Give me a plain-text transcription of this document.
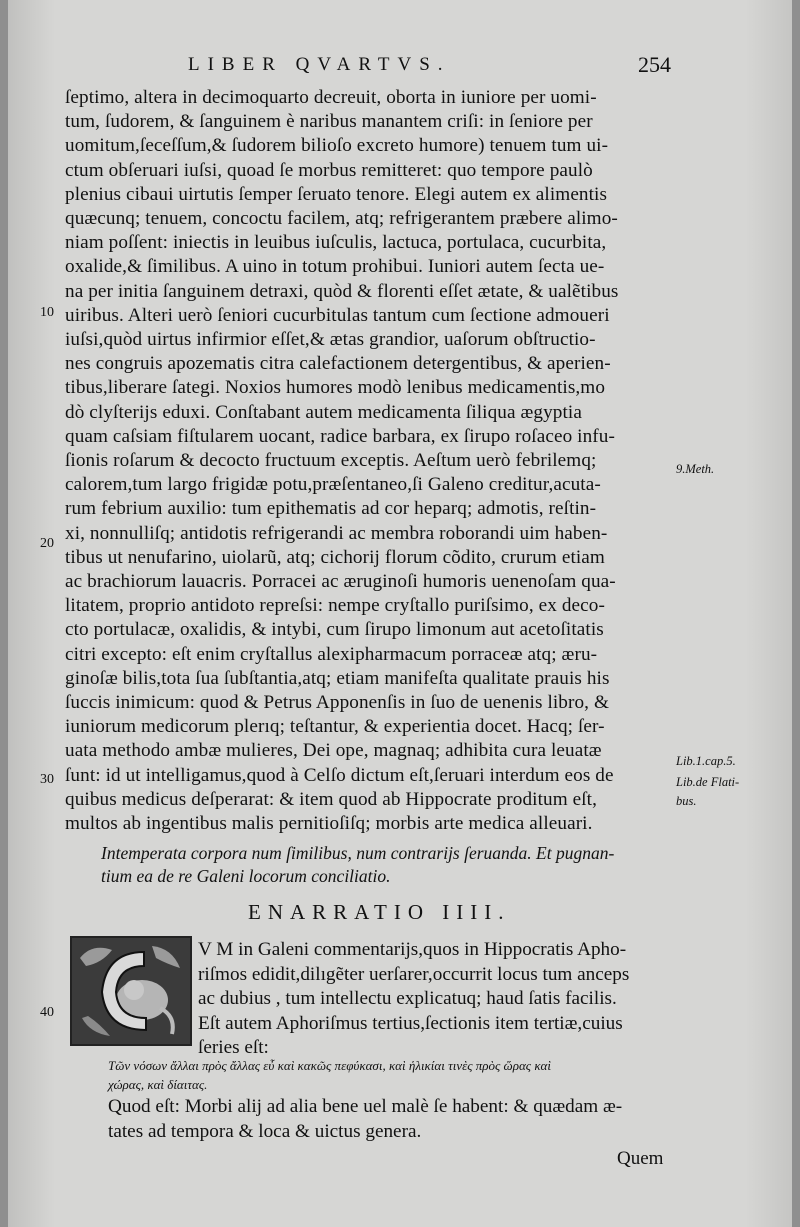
LIBER QVARTVS.	254
ſeptimo, altera in decimoquarto decreuit, oborta in iuniore per uomi-
tum, ſudorem, & ſanguinem è naribus manantem criſi: in ſeniore per
uomitum,ſeceſſum,& ſudorem bilioſo excreto humore) tenuem tum ui-
ctum obſeruari iuſsi, quoad ſe morbus remitteret: quo tempore paulò
plenius cibaui uirtutis ſemper ſeruato tenore. Elegi autem ex alimentis
quæcunq; tenuem, concoctu facilem, atq; refrigerantem præbere alimo-
niam poſſent: iniectis in leuibus iuſculis, lactuca, portulaca, cucurbita,
oxalide,& ſimilibus. A uino in totum prohibui. Iuniori autem ſecta ue-
na per initia ſanguinem detraxi, quòd & florenti eſſet ætate, & ualẽtibus
uiribus. Alteri uerò ſeniori cucurbitulas tantum cum ſectione admoueri
iuſsi,quòd uirtus infirmior eſſet,& ætas grandior, uaſorum obſtructio-
nes congruis apozematis citra calefactionem detergentibus, & aperien-
tibus,liberare ſategi. Noxios humores modò lenibus medicamentis,mo
dò clyſterijs eduxi. Conſtabant autem medicamenta ſiliqua ægyptia
quam caſsiam fiſtularem uocant, radice barbara, ex ſirupo roſaceo infu-
ſionis roſarum & decocto fructuum exceptis. Aeſtum uerò febrilemq;
calorem,tum largo frigidæ potu,præſentaneo,ſi Galeno creditur,acuta-
rum febrium auxilio: tum epithematis ad cor heparq; admotis, reſtin-
xi, nonnulliſq; antidotis refrigerandi ac membra roborandi uim haben-
tibus ut nenufarino, uiolarũ, atq; cichorij florum cõdito, crurum etiam
ac brachiorum lauacris. Porracei ac æruginoſi humoris uenenoſam qua-
litatem, proprio antidoto repreſsi: nempe cryſtallo puriſsimo, ex deco-
cto portulacæ, oxalidis, & intybi, cum ſirupo limonum aut acetoſitatis
citri excepto: eſt enim cryſtallus alexipharmacum porraceæ atq; æru-
ginoſæ bilis,tota ſua ſubſtantia,atq; etiam manifeſta qualitate prauis his
ſuccis inimicum: quod & Petrus Apponenſis in ſuo de uenenis libro, &
iuniorum medicorum plerıq; teſtantur, & experientia docet. Hacq; ſer-
uata methodo ambæ mulieres, Dei ope, magnaq; adhibita cura leuatæ
ſunt: id ut intelligamus,quod à Celſo dictum eſt,ſeruari interdum eos de
quibus medicus deſperarat: & item quod ab Hippocrate proditum eſt,
multos ab ingentibus malis pernitioſiſq; morbis arte medica alleuari.
10
20
30
40
9.Meth.
Lib.1.cap.5.
Lib.de Flati-
bus.
Intemperata corpora num ſimilibus, num contrarijs ſeruanda. Et pugnan-
tium ea de re Galeni locorum conciliatio.
ENARRATIO IIII.
V M in Galeni commentarijs,quos in Hippocratis Apho-
riſmos edidit,dilıgẽter uerſarer,occurrit locus tum anceps
ac dubius , tum intellectu explicatuq; haud ſatis facilis.
Eſt autem Aphoriſmus tertius,ſectionis item tertiæ,cuius
ſeries eſt:
Τῶν νόσων ἄλλαι πρὸς ἄλλας εὖ καὶ κακῶς πεφύκασι, καὶ ἡλικίαι τινὲς πρὸς ὥρας καὶ
χώρας, καὶ δίαιτας.
Quod eſt: Morbi alij ad alia bene uel malè ſe habent: & quædam æ-
tates ad tempora & loca & uictus genera.
Quem
